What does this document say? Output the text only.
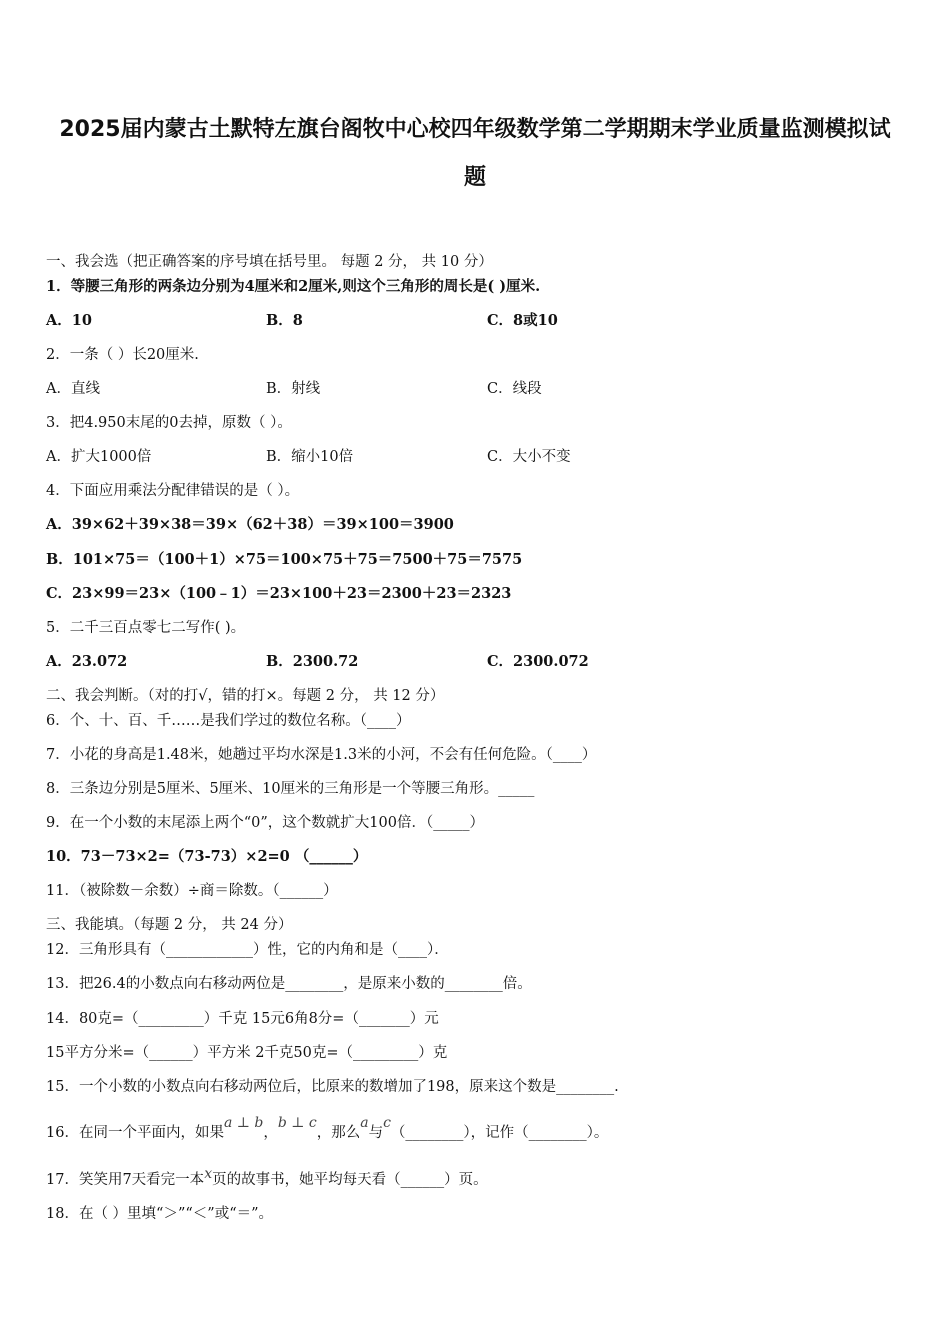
2025届内蒙古土默特左旗台阁牧中心校四年级数学第二学期期末学业质量监测模拟试
题
一、我会选（把正确答案的序号填在括号里。 每题 2 分， 共 10 分）
1．等腰三角形的两条边分别为4厘米和2厘米,则这个三角形的周长是( )厘米.
A．10	B．8	C．8或10
2．一条（ ）长20厘米.
A．直线	B．射线	C．线段
3．把4.950末尾的0去掉，原数（ ）。
A．扩大1000倍	B．缩小10倍	C．大小不变
4．下面应用乘法分配律错误的是（ ）。
A．39×62＋39×38＝39×（62＋38）＝39×100＝3900
B．101×75＝（100＋1）×75＝100×75＋75＝7500＋75＝7575
C．23×99＝23×（100﹣1）＝23×100＋23＝2300＋23＝2323
5．二千三百点零七二写作( )。
A．23.072	B．2300.72	C．2300.072
二、我会判断。（对的打√，错的打×。每题 2 分， 共 12 分）
6．个、十、百、千……是我们学过的数位名称。（____）
7．小花的身高是1.48米，她趟过平均水深是1.3米的小河，不会有任何危险。（____）
8．三条边分别是5厘米、5厘米、10厘米的三角形是一个等腰三角形。_____
9．在一个小数的末尾添上两个“0”，这个数就扩大100倍．（_____）
10．73－73×2=（73-73）×2=0 （______）
11．（被除数－余数）÷商＝除数。（______）
三、我能填。（每题 2 分， 共 24 分）
12．三角形具有（____________）性，它的内角和是（____）．
13．把26.4的小数点向右移动两位是________，是原来小数的________倍。
14．80克=（_________）千克 15元6角8分=（_______）元
15平方分米=（______）平方米 2千克50克=（_________）克
15．一个小数的小数点向右移动两位后，比原来的数增加了198，原来这个数是________.
16．在同一个平面内，如果a ⊥ b，b ⊥ c，那么a与c（________），记作（________）。
17．笑笑用7天看完一本x页的故事书，她平均每天看（______）页。
18．在（ ）里填“＞”“＜”或“＝”。
